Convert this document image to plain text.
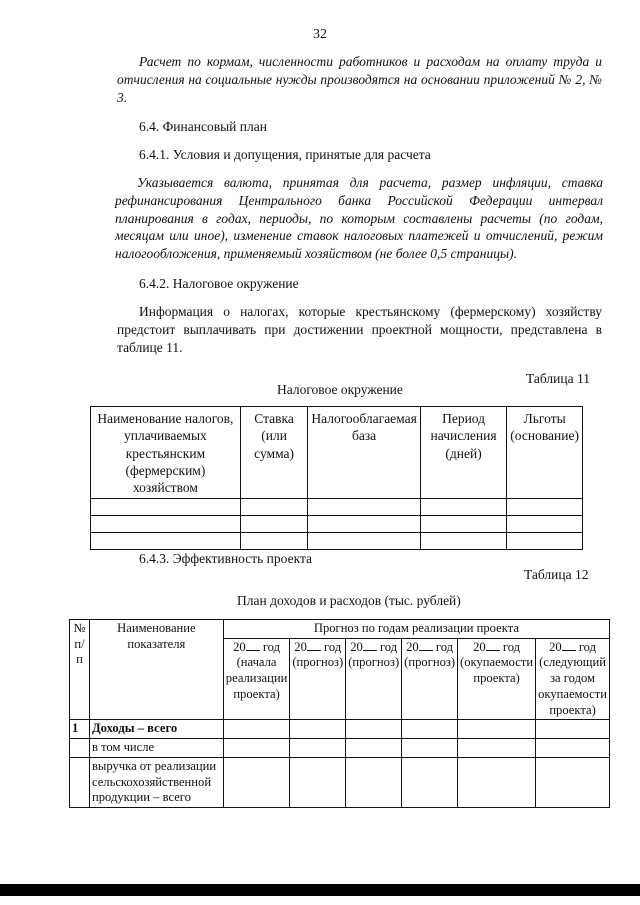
32
Расчет по кормам, численности работников и расходам на оплату труда и отчисления на социальные нужды производятся на основании приложений № 2, № 3.
6.4. Финансовый план
6.4.1. Условия и допущения, принятые для расчета
Указывается валюта, принятая для расчета, размер инфляции, ставка рефинансирования Центрального банка Российской Федерации интервал планирования в годах, периоды, по которым составлены расчеты (по годам, месяцам или иное), изменение ставок налоговых платежей и отчислений, режим налогообложения, применяемый хозяйством (не более 0,5 страницы).
6.4.2. Налоговое окружение
Информация о налогах, которые крестьянскому (фермерскому) хозяйству предстоит выплачивать при достижении проектной мощности, представлена в таблице 11.
Таблица 11
Налоговое окружение
Наименование налогов, уплачиваемых крестьянским (фермерским) хозяйством	Ставка (или сумма)	Налогооблагаемая база	Период начисления (дней)	Льготы (основание)

6.4.3. Эффективность проекта
Таблица 12
План доходов и расходов (тыс. рублей)
№ п/п	Наименование показателя	Прогноз по годам реализации проекта					
		20 год (начала реализации проекта)	20 год (прогноз)	20 год (прогноз)	20 год (прогноз)	20 год (окупаемости проекта)	20 год (следующий за годом окупаемости проекта)
1	Доходы – всего						
	в том числе						
	выручка от реализации сельскохозяйственной продукции – всего						
